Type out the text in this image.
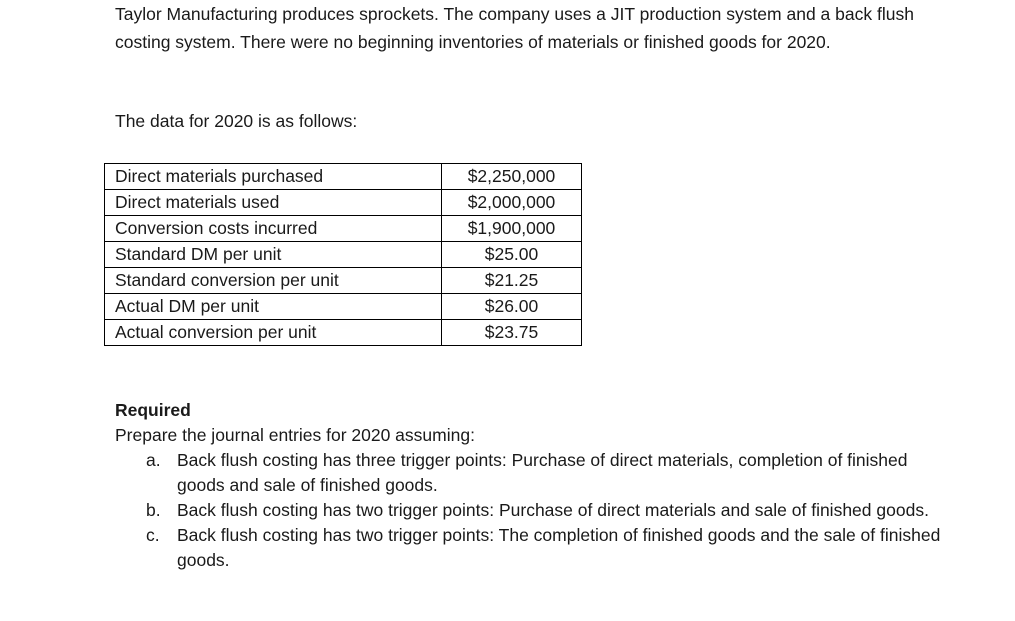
Taylor Manufacturing produces sprockets. The company uses a JIT production system and a back flush costing system. There were no beginning inventories of materials or finished goods for 2020.

The data for 2020 is as follows:

Direct materials purchased	$2,250,000
Direct materials used	$2,000,000
Conversion costs incurred	$1,900,000
Standard DM per unit	$25.00
Standard conversion per unit	$21.25
Actual DM per unit	$26.00
Actual conversion per unit	$23.75
Required
Prepare the journal entries for 2020 assuming:
a. Back flush costing has three trigger points: Purchase of direct materials, completion of finished goods and sale of finished goods.
b. Back flush costing has two trigger points: Purchase of direct materials and sale of finished goods.
c. Back flush costing has two trigger points: The completion of finished goods and the sale of finished goods.
